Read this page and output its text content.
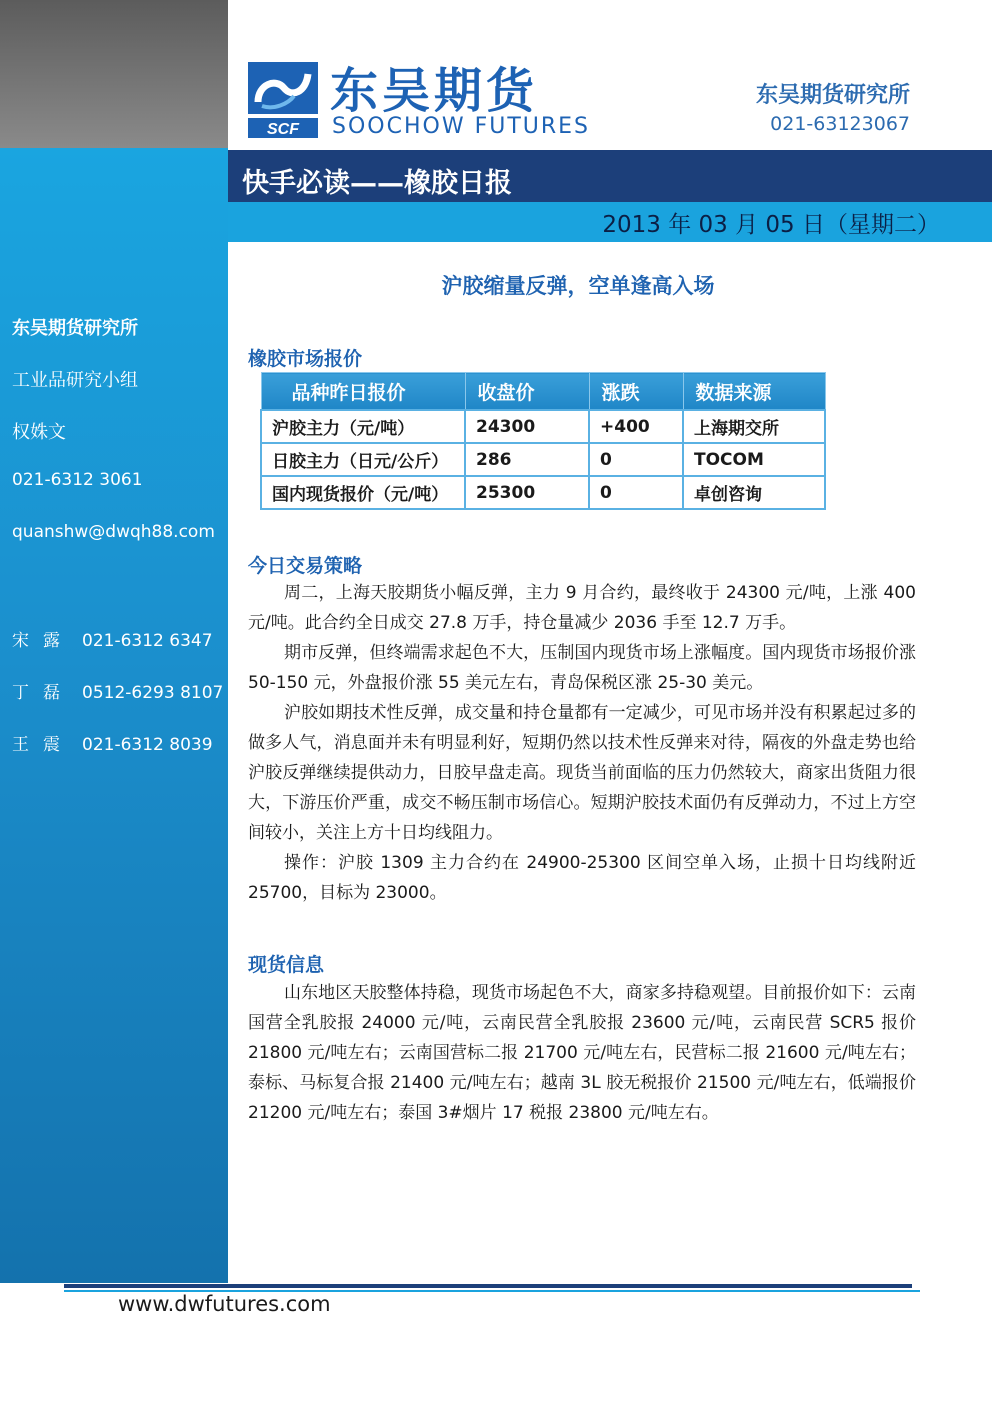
东吴期货研究所
工业品研究小组
权姝文
021-6312 3061
quanshw@dwqh88.com
宋露 021-6312 6347
丁磊 0512-6293 8107
王震 021-6312 8039
SCF
东吴期货
SOOCHOW FUTURES
东吴期货研究所
021-63123067
快手必读——橡胶日报
2013 年 03 月 05 日（星期二）
沪胶缩量反弹，空单逢高入场
橡胶市场报价
品种昨日报价	收盘价	涨跌	数据来源
沪胶主力（元/吨）	24300	+400	上海期交所
日胶主力（日元/公斤）	286	0	TOCOM
国内现货报价（元/吨）	25300	0	卓创咨询
今日交易策略

周二，上海天胶期货小幅反弹，主力 9 月合约，最终收于 24300 元/吨，上涨 400 元/吨。此合约全日成交 27.8 万手，持仓量减少 2036 手至 12.7 万手。

期市反弹，但终端需求起色不大，压制国内现货市场上涨幅度。国内现货市场报价涨 50-150 元，外盘报价涨 55 美元左右，青岛保税区涨 25-30 美元。

沪胶如期技术性反弹，成交量和持仓量都有一定减少，可见市场并没有积累起过多的做多人气，消息面并未有明显利好，短期仍然以技术性反弹来对待，隔夜的外盘走势也给沪胶反弹继续提供动力，日胶早盘走高。现货当前面临的压力仍然较大，商家出货阻力很大，下游压价严重，成交不畅压制市场信心。短期沪胶技术面仍有反弹动力，不过上方空间较小，关注上方十日均线阻力。

操作：沪胶 1309 主力合约在 24900-25300 区间空单入场，止损十日均线附近 25700，目标为 23000。

现货信息

山东地区天胶整体持稳，现货市场起色不大，商家多持稳观望。目前报价如下：云南国营全乳胶报 24000 元/吨，云南民营全乳胶报 23600 元/吨，云南民营 SCR5 报价 21800 元/吨左右；云南国营标二报 21700 元/吨左右，民营标二报 21600 元/吨左右；泰标、马标复合报 21400 元/吨左右；越南 3L 胶无税报价 21500 元/吨左右，低端报价 21200 元/吨左右；泰国 3#烟片 17 税报 23800 元/吨左右。

www.dwfutures.com
